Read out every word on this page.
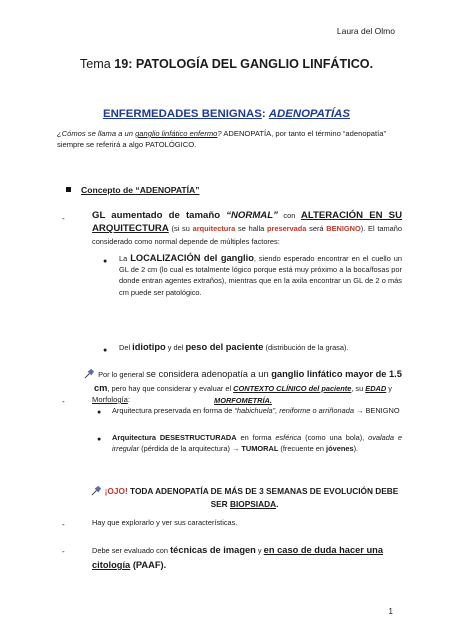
Laura del Olmo
Tema 19: PATOLOGÍA DEL GANGLIO LINFÁTICO.
ENFERMEDADES BENIGNAS: ADENOPATÍAS
¿Cómos se llama a un ganglio linfático enfermo? ADENOPATÍA, por tanto el término “adenopatía” siempre se referirá a algo PATOLÓGICO.
Concepto de “ADENOPATÍA”
-	GL aumentado de tamaño “NORMAL” con ALTERACIÓN EN SU ARQUITECTURA (si su arquitectura se halla preservada será BENIGNO). El tamaño considerado como normal depende de múltiples factores:
● La LOCALIZACIÓN del ganglio, siendo esperado encontrar en el cuello un GL de 2 cm (lo cual es totalmente lógico porque está muy próximo a la boca/fosas por donde entran agentes extraños), mientras que en la axila encontrar un GL de 2 o más cm puede ser patológico.
● Del idiotipo y del peso del paciente (distribución de la grasa).
Por lo general se considera adenopatía a un ganglio linfático mayor de 1.5 cm, pero hay que considerar y evaluar el CONTEXTO CLÍNICO del paciente, su EDAD y MORFOMETRÍA.
-	Morfología:
● Arquitectura preservada en forma de “habichuela”, reniforme o arriñonada → BENIGNO
● Arquitectura DESESTRUCTURADA en forma esférica (como una bola), ovalada e irregular (pérdida de la arquitectura) → TUMORAL (frecuente en jóvenes).
¡OJO! TODA ADENOPATÍA DE MÁS DE 3 SEMANAS DE EVOLUCIÓN DEBE SER BIOPSIADA.
-	Hay que explorarlo y ver sus características.
-	Debe ser evaluado con técnicas de imagen y en caso de duda hacer una citología (PAAF).
1
